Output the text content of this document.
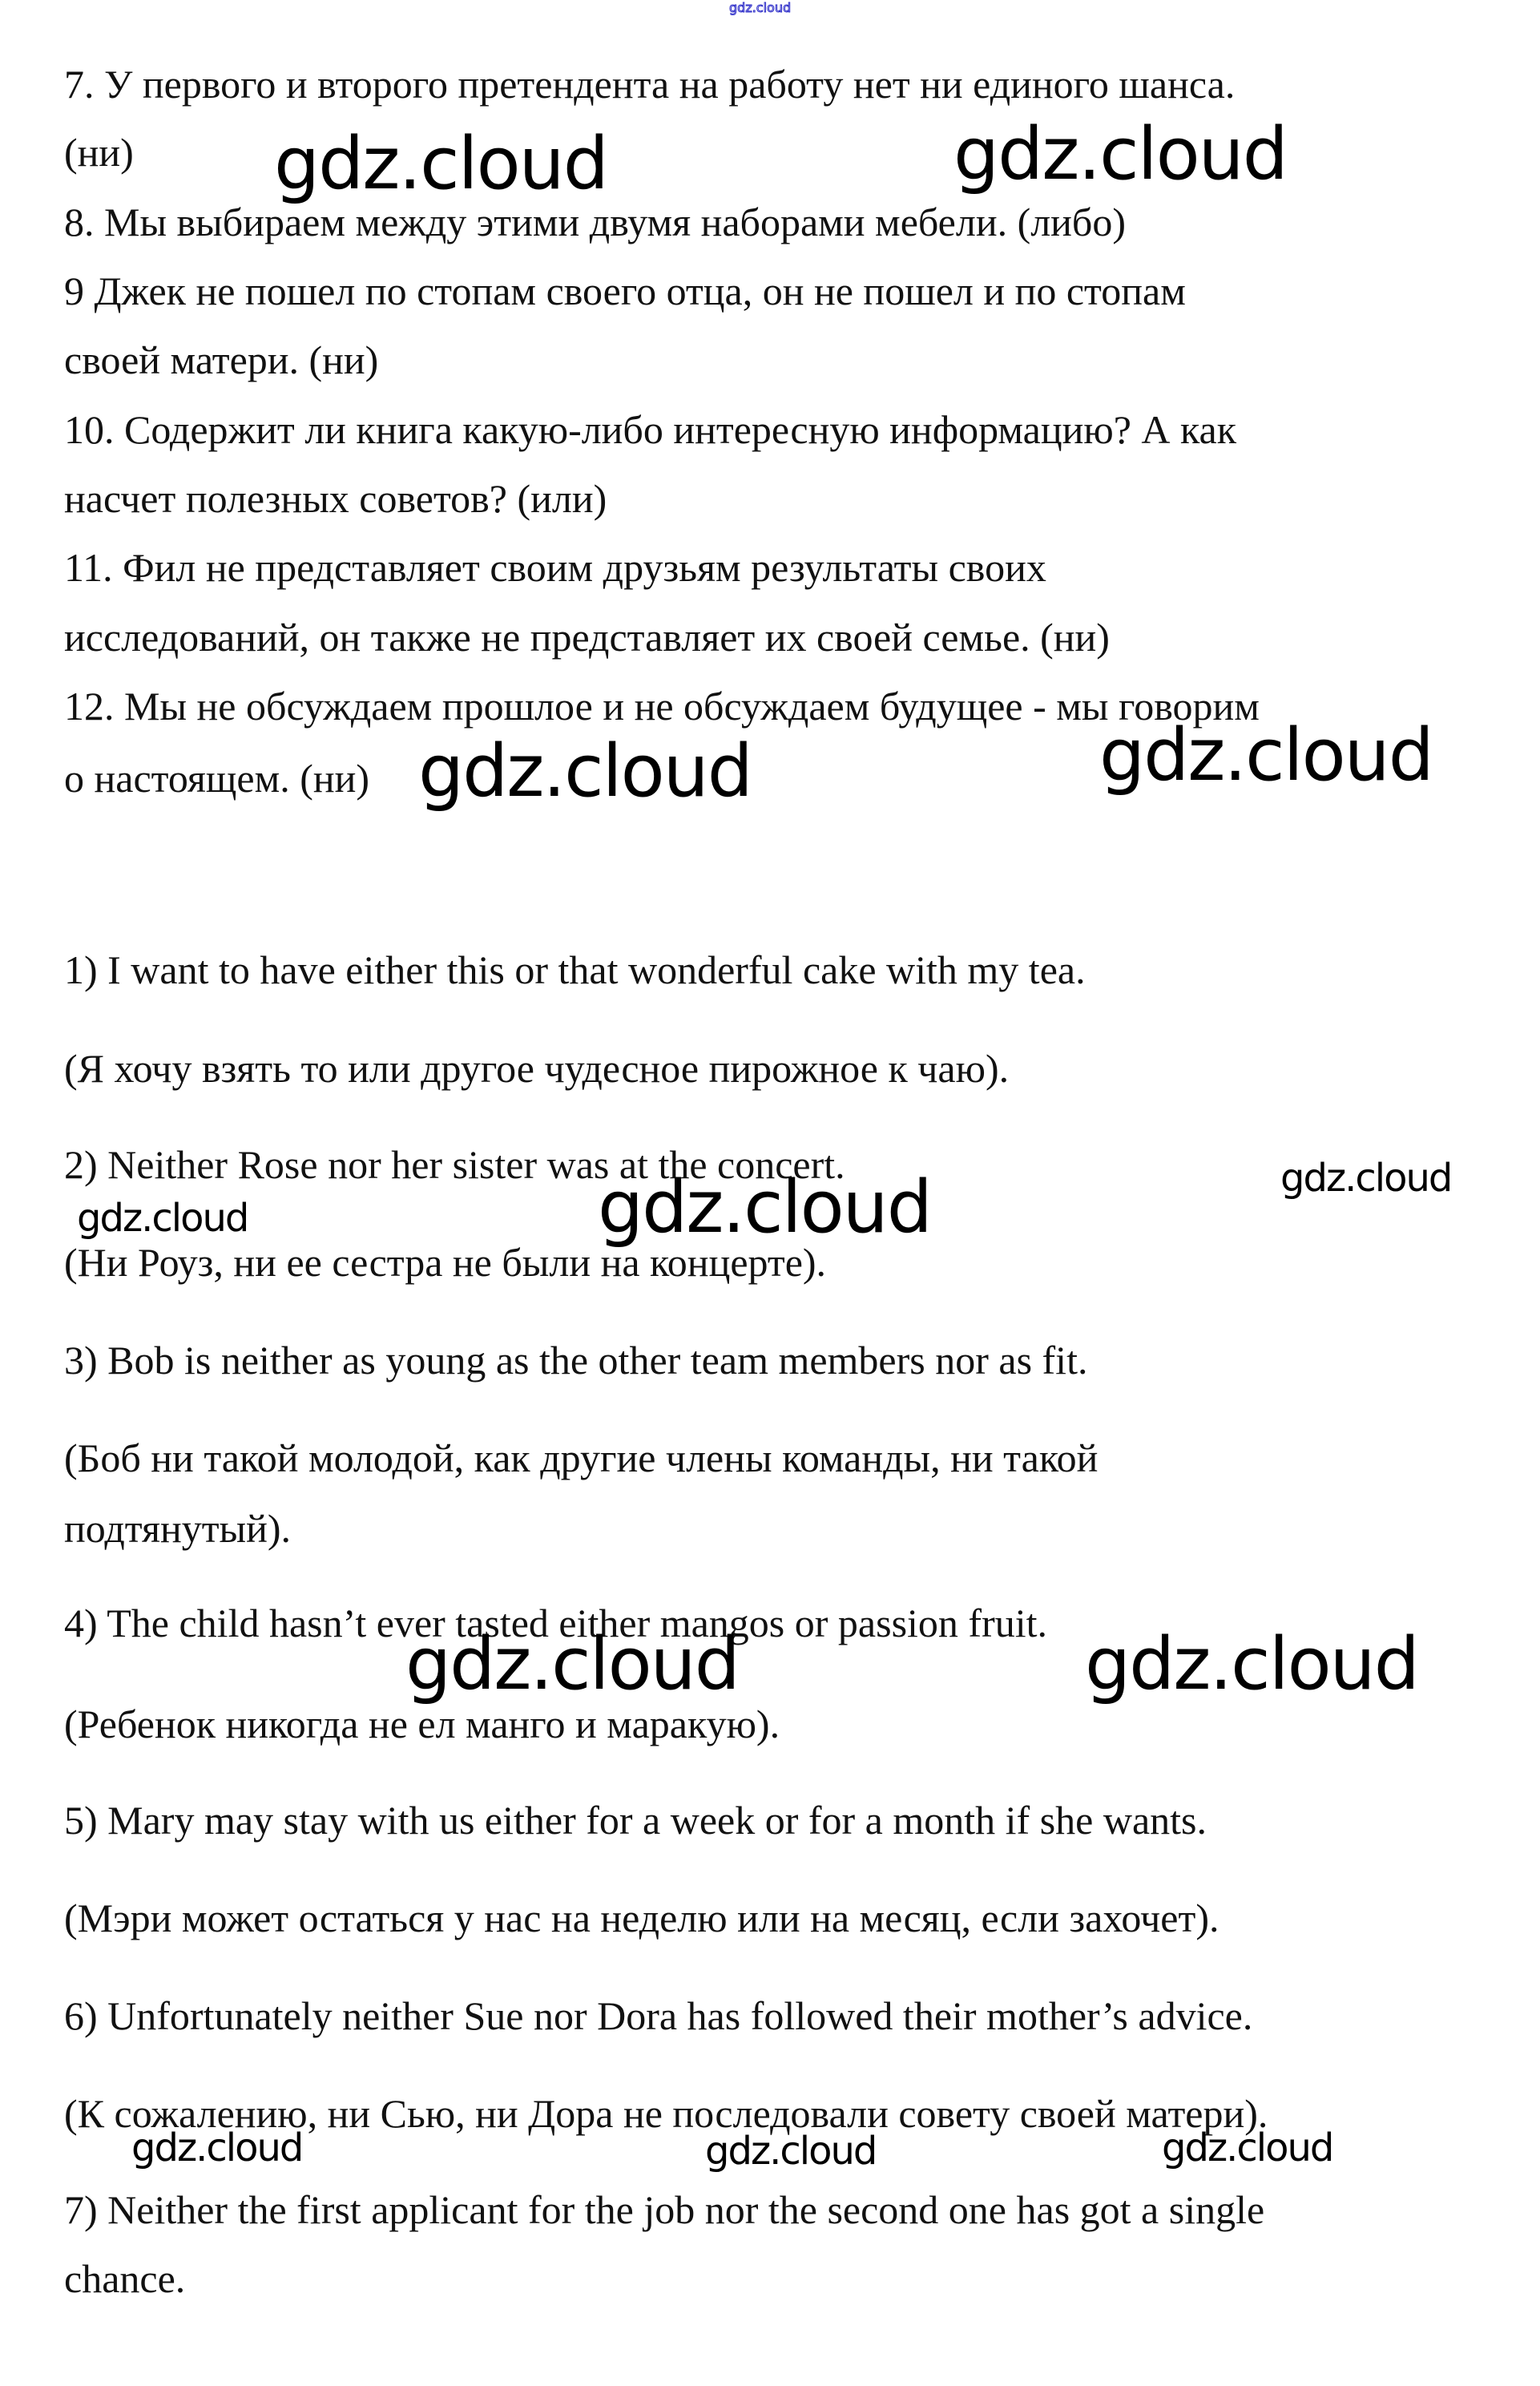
gdz.cloud
7. У первого и второго претендента на работу нет ни единого шанса.
(ни)
8. Мы выбираем между этими двумя наборами мебели. (либо)
9 Джек не пошел по стопам своего отца, он не пошел и по стопам
своей матери. (ни)
10. Содержит ли книга какую-либо интересную информацию? А как
насчет полезных советов? (или)
11. Фил не представляет своим друзьям результаты своих
исследований, он также не представляет их своей семье. (ни)
12. Мы не обсуждаем прошлое и не обсуждаем будущее - мы говорим
о настоящем. (ни)
1) I want to have either this or that wonderful cake with my tea.
(Я хочу взять то или другое чудесное пирожное к чаю).
2) Neither Rose nor her sister was at the concert.
(Ни Роуз, ни ее сестра не были на концерте).
3) Bob is neither as young as the other team members nor as fit.
(Боб ни такой молодой, как другие члены команды, ни такой
подтянутый).
4) The child hasn’t ever tasted either mangos or passion fruit.
(Ребенок никогда не ел манго и маракую).
5) Mary may stay with us either for a week or for a month if she wants.
(Мэри может остаться у нас на неделю или на месяц, если захочет).
6) Unfortunately neither Sue nor Dora has followed their mother’s advice.
(К сожалению, ни Сью, ни Дора не последовали совету своей матери).
7) Neither the first applicant for the job nor the second one has got a single
chance.
gdz.cloud	gdz.cloud
gdz.cloud	gdz.cloud
gdz.cloud
gdz.cloud	gdz.cloud
gdz.cloud
gdz.cloud
gdz.cloud	gdz.cloud	gdz.cloud
